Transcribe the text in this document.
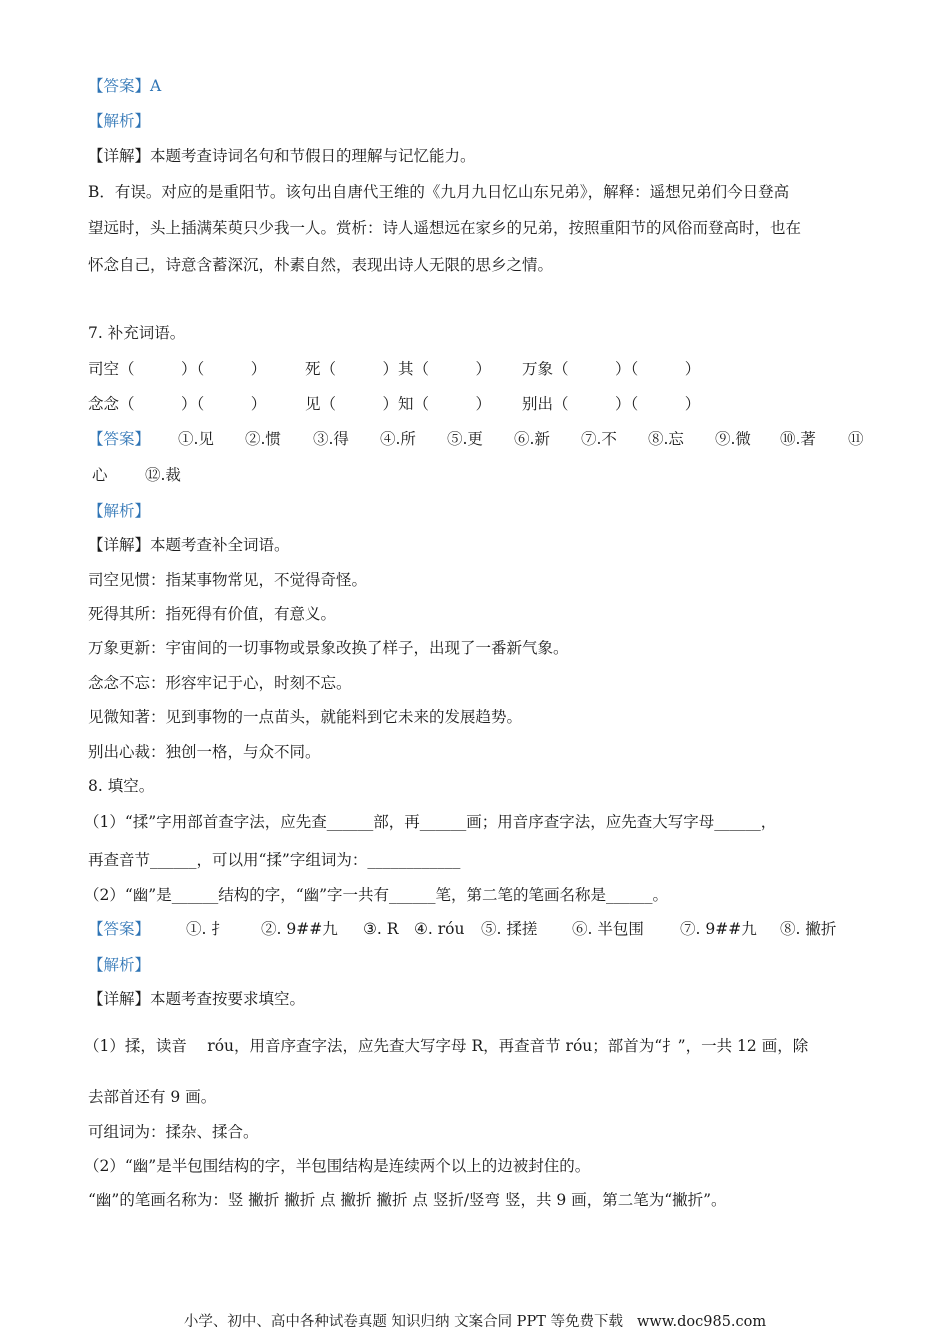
【答案】A
【解析】
【详解】本题考查诗词名句和节假日的理解与记忆能力。
B．有误。对应的是重阳节。该句出自唐代王维的《九月九日忆山东兄弟》，解释：遥想兄弟们今日登高
望远时，头上插满茱萸只少我一人。赏析：诗人遥想远在家乡的兄弟，按照重阳节的风俗而登高时，也在
怀念自己，诗意含蓄深沉，朴素自然，表现出诗人无限的思乡之情。
7. 补充词语。
司空（　　　）（　　　） 死（　　　）其（　　　） 万象（　　　）（　　　）
念念（　　　）（　　　） 见（　　　）知（　　　） 别出（　　　）（　　　）
【答案】 ①.见 ②.惯 ③.得 ④.所 ⑤.更 ⑥.新 ⑦.不 ⑧.忘 ⑨.微 ⑩.著 ⑪
心 ⑫.裁
【解析】
【详解】本题考查补全词语。
司空见惯：指某事物常见，不觉得奇怪。
死得其所：指死得有价值，有意义。
万象更新：宇宙间的一切事物或景象改换了样子，出现了一番新气象。
念念不忘：形容牢记于心，时刻不忘。
见微知著：见到事物的一点苗头，就能料到它未来的发展趋势。
别出心裁：独创一格，与众不同。
8. 填空。
（1）“揉”字用部首查字法，应先查______部，再______画；用音序查字法，应先查大写字母______，
再查音节______，可以用“揉”字组词为：____________
（2）“幽”是______结构的字，“幽”字一共有______笔，第二笔的笔画名称是______。
【答案】 ①. 扌 ②. 9##九 ③. R ④. róu ⑤. 揉搓 ⑥. 半包围 ⑦. 9##九 ⑧. 撇折
【解析】
【详解】本题考查按要求填空。
（1）揉，读音　 róu，用音序查字法，应先查大写字母 R，再查音节 róu；部首为“扌”，一共 12 画，除
去部首还有 9 画。
可组词为：揉杂、揉合。
（2）“幽”是半包围结构的字，半包围结构是连续两个以上的边被封住的。
“幽”的笔画名称为：竖 撇折 撇折 点 撇折 撇折 点 竖折/竖弯 竖，共 9 画，第二笔为“撇折”。
小学、初中、高中各种试卷真题 知识归纳 文案合同 PPT 等免费下载 www.doc985.com
